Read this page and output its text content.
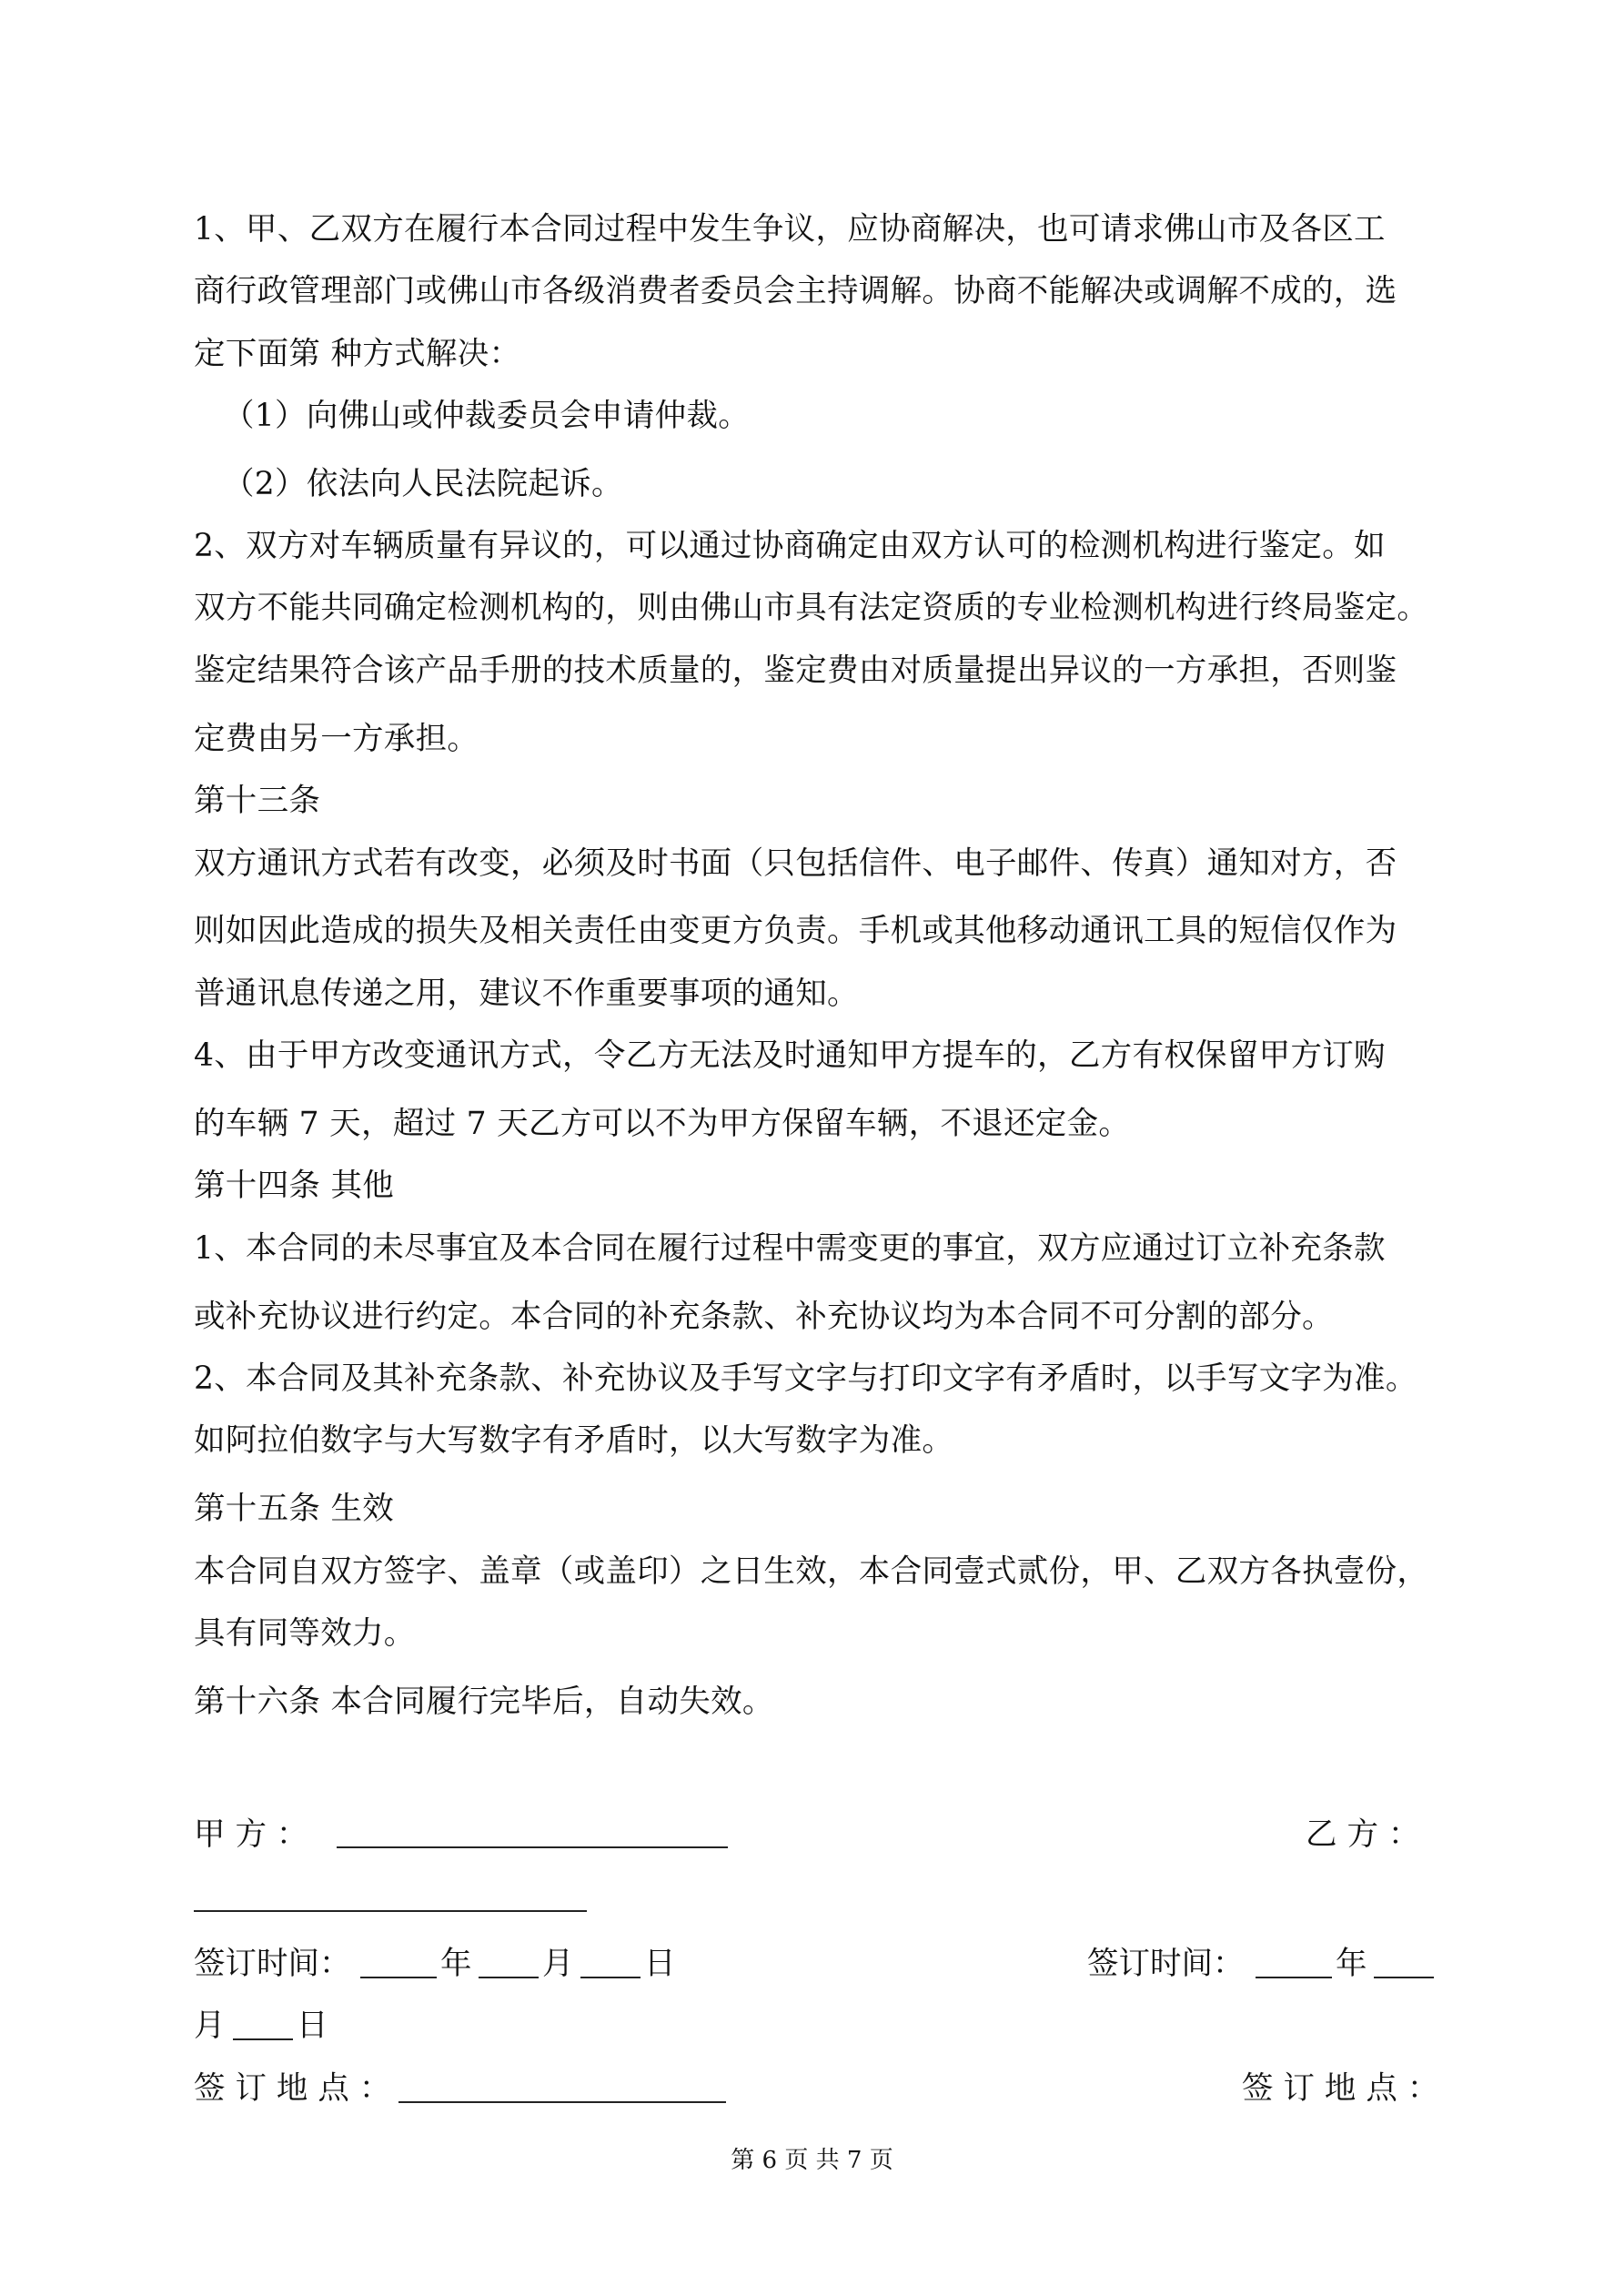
1、甲、乙双方在履行本合同过程中发生争议，应协商解决，也可请求佛山市及各区工
商行政管理部门或佛山市各级消费者委员会主持调解。协商不能解决或调解不成的，选
定下面第 种方式解决：
（1）向佛山或仲裁委员会申请仲裁。
（2）依法向人民法院起诉。
2、双方对车辆质量有异议的，可以通过协商确定由双方认可的检测机构进行鉴定。如
双方不能共同确定检测机构的，则由佛山市具有法定资质的专业检测机构进行终局鉴定。
鉴定结果符合该产品手册的技术质量的，鉴定费由对质量提出异议的一方承担，否则鉴
定费由另一方承担。
第十三条
双方通讯方式若有改变，必须及时书面（只包括信件、电子邮件、传真）通知对方，否
则如因此造成的损失及相关责任由变更方负责。手机或其他移动通讯工具的短信仅作为
普通讯息传递之用，建议不作重要事项的通知。
4、由于甲方改变通讯方式，令乙方无法及时通知甲方提车的，乙方有权保留甲方订购
的车辆 7 天，超过 7 天乙方可以不为甲方保留车辆，不退还定金。
第十四条 其他
1、本合同的未尽事宜及本合同在履行过程中需变更的事宜，双方应通过订立补充条款
或补充协议进行约定。本合同的补充条款、补充协议均为本合同不可分割的部分。
2、本合同及其补充条款、补充协议及手写文字与打印文字有矛盾时，以手写文字为准。
如阿拉伯数字与大写数字有矛盾时，以大写数字为准。
第十五条 生效
本合同自双方签字、盖章（或盖印）之日生效，本合同壹式贰份，甲、乙双方各执壹份，
具有同等效力。
第十六条 本合同履行完毕后，自动失效。
甲 方 ：	乙 方 ：
签订时间：	年 月 日	签订时间：	年
月 日
签 订 地 点 ：	签 订 地 点 ：
第 6 页 共 7 页
